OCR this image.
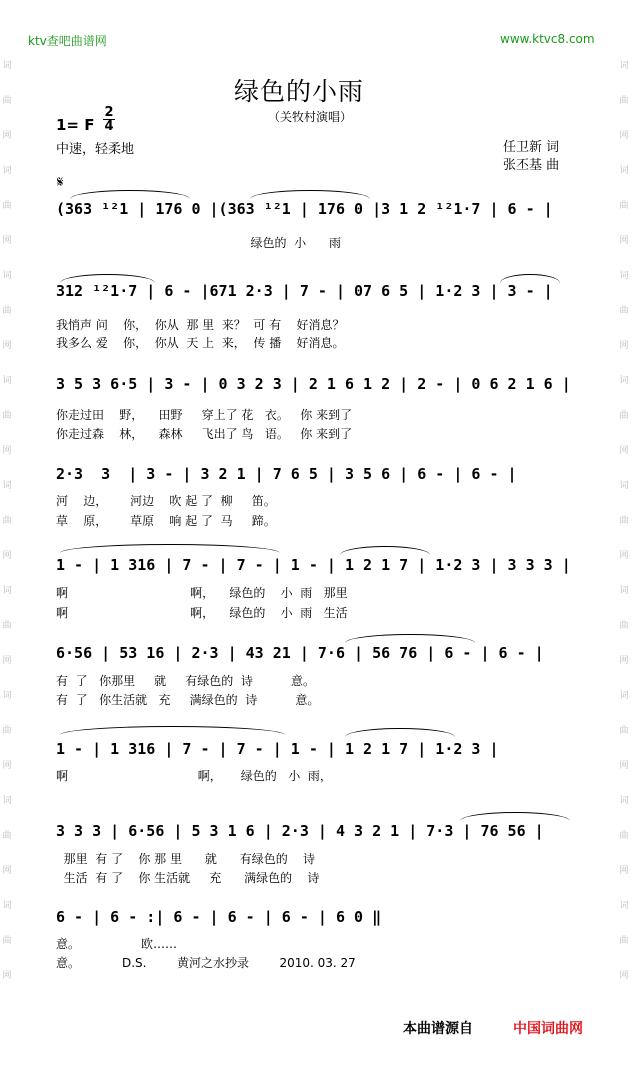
ktv查吧曲谱网	www.ktvc8.com
绿色的小雨
（关牧村演唱）
1= F
2
4
中速，轻柔地	任卫新 词
张丕基 曲
𝄋
词
曲
网
词
曲
网
词
曲
网
词
曲
网
词
曲
网
词
曲
网
词
曲
网
词
曲
网
词
曲
网
词
曲
网
词
曲
网
词
曲
网
词
曲
网
词
曲
网
词
曲
网
词
曲
网
词
曲
网
词
曲
网
(363 ¹²1 | 176 0 |(363 ¹²1 | 176 0 |3 1 2 ¹²1·7 | 6 - |
绿色的  小      雨
312 ¹²1·7 | 6 - |671 2·3 | 7 - | 07 6 5 | 1·2 3 | 3 - |
我悄声 问    你，  你从  那 里  来？  可 有    好消息？
我多么 爱    你，  你从  天 上  来，  传 播    好消息。
3 5 3 6·5 | 3 - | 0 3 2 3 | 2 1 6 1 2 | 2 - | 0 6 2 1 6 |
你走过田    野，    田野     穿上了 花   衣。   你 来到了
你走过森    林，    森林     飞出了 鸟   语。   你 来到了
2·3  3  | 3 - | 3 2 1 | 7 6 5 | 3 5 6 | 6 - | 6 - |
河    边，      河边    吹 起 了  柳     笛。
草    原，      草原    响 起 了  马     蹄。
1 - | 1 316 | 7 - | 7 - | 1 - | 1 2 1 7 | 1·2 3 | 3 3 3 |
啊                                啊，    绿色的    小  雨   那里
啊                                啊，    绿色的    小  雨   生活
6·56 | 53 16 | 2·3 | 43 21 | 7·6 | 56 76 | 6 - | 6 - |
有  了   你那里     就     有绿色的  诗          意。
有  了   你生活就   充     满绿色的  诗          意。
1 - | 1 316 | 7 - | 7 - | 1 - | 1 2 1 7 | 1·2 3 |
啊                                  啊，     绿色的   小  雨，
3 3 3 | 6·56 | 5 3 1 6 | 2·3 | 4 3 2 1 | 7·3 | 76 56 |
那里  有 了    你 那 里      就      有绿色的    诗
生活  有 了    你 生活就     充      满绿色的    诗
6 - | 6 - :| 6 - | 6 - | 6 - | 6 0 ‖
意。                欧……
意。           D.S.        黄河之水抄录        2010. 03. 27
本曲谱源自	中国词曲网
